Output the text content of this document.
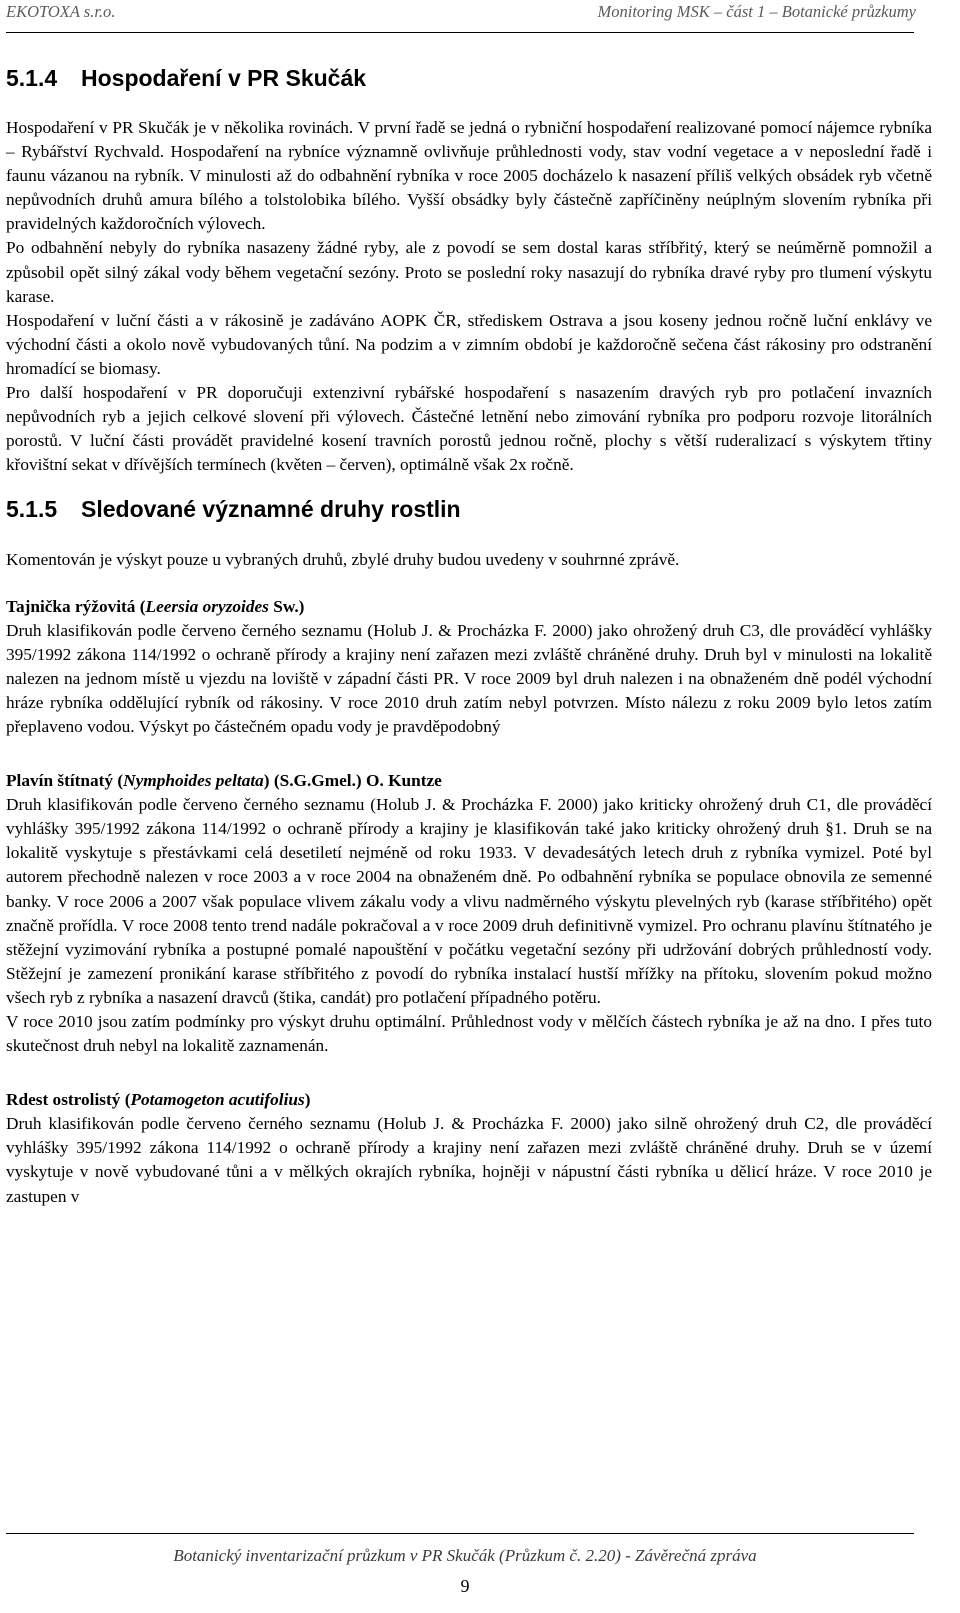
EKOTOXA s.r.o.	Monitoring MSK – část 1 – Botanické průzkumy
5.1.4 Hospodaření v PR Skučák

Hospodaření v PR Skučák je v několika rovinách. V první řadě se jedná o rybniční hospodaření realizované pomocí nájemce rybníka – Rybářství Rychvald. Hospodaření na rybníce významně ovlivňuje průhlednosti vody, stav vodní vegetace a v neposlední řadě i faunu vázanou na rybník. V minulosti až do odbahnění rybníka v roce 2005 docházelo k nasazení příliš velkých obsádek ryb včetně nepůvodních druhů amura bílého a tolstolobika bílého. Vyšší obsádky byly částečně zapříčiněny neúplným slovením rybníka při pravidelných každoročních výlovech.

Po odbahnění nebyly do rybníka nasazeny žádné ryby, ale z povodí se sem dostal karas stříbřitý, který se neúměrně pomnožil a způsobil opět silný zákal vody během vegetační sezóny. Proto se poslední roky nasazují do rybníka dravé ryby pro tlumení výskytu karase.

Hospodaření v luční části a v rákosině je zadáváno AOPK ČR, střediskem Ostrava a jsou koseny jednou ročně luční enklávy ve východní části a okolo nově vybudovaných tůní. Na podzim a v zimním období je každoročně sečena část rákosiny pro odstranění hromadící se biomasy.

Pro další hospodaření v PR doporučuji extenzivní rybářské hospodaření s nasazením dravých ryb pro potlačení invazních nepůvodních ryb a jejich celkové slovení při výlovech. Částečné letnění nebo zimování rybníka pro podporu rozvoje litorálních porostů. V luční části provádět pravidelné kosení travních porostů jednou ročně, plochy s větší ruderalizací s výskytem třtiny křovištní sekat v dřívějších termínech (květen – červen), optimálně však 2x ročně.

5.1.5 Sledované významné druhy rostlin

Komentován je výskyt pouze u vybraných druhů, zbylé druhy budou uvedeny v souhrnné zprávě.

Tajnička rýžovitá (Leersia oryzoides Sw.)

Druh klasifikován podle červeno černého seznamu (Holub J. & Procházka F. 2000) jako ohrožený druh C3, dle prováděcí vyhlášky 395/1992 zákona 114/1992 o ochraně přírody a krajiny není zařazen mezi zvláště chráněné druhy. Druh byl v minulosti na lokalitě nalezen na jednom místě u vjezdu na loviště v západní části PR. V roce 2009 byl druh nalezen i na obnaženém dně podél východní hráze rybníka oddělující rybník od rákosiny. V roce 2010 druh zatím nebyl potvrzen. Místo nálezu z roku 2009 bylo letos zatím přeplaveno vodou. Výskyt po částečném opadu vody je pravděpodobný

Plavín štítnatý (Nymphoides peltata) (S.G.Gmel.) O. Kuntze

Druh klasifikován podle červeno černého seznamu (Holub J. & Procházka F. 2000) jako kriticky ohrožený druh C1, dle prováděcí vyhlášky 395/1992 zákona 114/1992 o ochraně přírody a krajiny je klasifikován také jako kriticky ohrožený druh §1. Druh se na lokalitě vyskytuje s přestávkami celá desetiletí nejméně od roku 1933. V devadesátých letech druh z rybníka vymizel. Poté byl autorem přechodně nalezen v roce 2003 a v roce 2004 na obnaženém dně. Po odbahnění rybníka se populace obnovila ze semenné banky. V roce 2006 a 2007 však populace vlivem zákalu vody a vlivu nadměrného výskytu plevelných ryb (karase stříbřitého) opět značně prořídla. V roce 2008 tento trend nadále pokračoval a v roce 2009 druh definitivně vymizel. Pro ochranu plavínu štítnatého je stěžejní vyzimování rybníka a postupné pomalé napouštění v počátku vegetační sezóny při udržování dobrých průhledností vody. Stěžejní je zamezení pronikání karase stříbřitého z povodí do rybníka instalací hustší mřížky na přítoku, slovením pokud možno všech ryb z rybníka a nasazení dravců (štika, candát) pro potlačení případného potěru.

V roce 2010 jsou zatím podmínky pro výskyt druhu optimální. Průhlednost vody v mělčích částech rybníka je až na dno. I přes tuto skutečnost druh nebyl na lokalitě zaznamenán.

Rdest ostrolistý (Potamogeton acutifolius)

Druh klasifikován podle červeno černého seznamu (Holub J. & Procházka F. 2000) jako silně ohrožený druh C2, dle prováděcí vyhlášky 395/1992 zákona 114/1992 o ochraně přírody a krajiny není zařazen mezi zvláště chráněné druhy. Druh se v území vyskytuje v nově vybudované tůni a v mělkých okrajích rybníka, hojněji v nápustní části rybníka u dělicí hráze. V roce 2010 je zastupen v

Botanický inventarizační průzkum v PR Skučák (Průzkum č. 2.20) - Závěrečná zpráva
9
